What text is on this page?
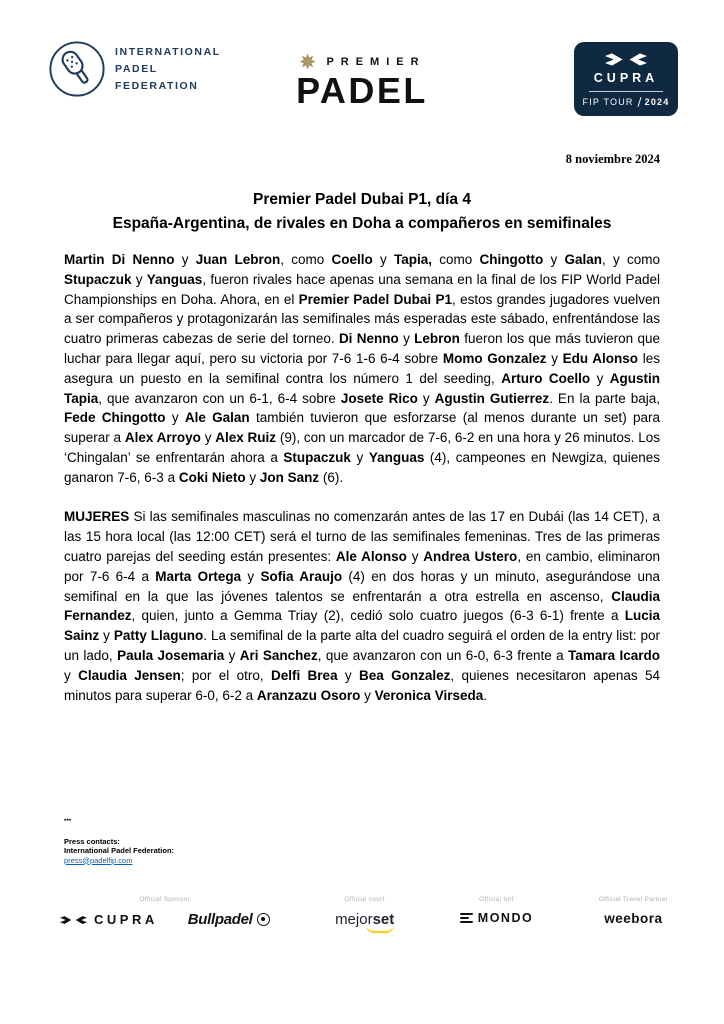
INTERNATIONAL
PADEL
FEDERATION
PREMIER
PADEL	CUPRA
FIP TOUR 2024
8 noviembre 2024
Premier Padel Dubai P1, día 4
España-Argentina, de rivales en Doha a compañeros en semifinales

Martin Di Nenno y Juan Lebron, como Coello y Tapia, como Chingotto y Galan, y como Stupaczuk y Yanguas, fueron rivales hace apenas una semana en la final de los FIP World Padel Championships en Doha. Ahora, en el Premier Padel Dubai P1, estos grandes jugadores vuelven a ser compañeros y protagonizarán las semifinales más esperadas este sábado, enfrentándose las cuatro primeras cabezas de serie del torneo. Di Nenno y Lebron fueron los que más tuvieron que luchar para llegar aquí, pero su victoria por 7-6 1-6 6-4 sobre Momo Gonzalez y Edu Alonso les asegura un puesto en la semifinal contra los número 1 del seeding, Arturo Coello y Agustin Tapia, que avanzaron con un 6-1, 6-4 sobre Josete Rico y Agustin Gutierrez. En la parte baja, Fede Chingotto y Ale Galan también tuvieron que esforzarse (al menos durante un set) para superar a Alex Arroyo y Alex Ruiz (9), con un marcador de 7-6, 6-2 en una hora y 26 minutos. Los ‘Chingalan’ se enfrentarán ahora a Stupaczuk y Yanguas (4), campeones en Newgiza, quienes ganaron 7-6, 6-3 a Coki Nieto y Jon Sanz (6).

MUJERES Si las semifinales masculinas no comenzarán antes de las 17 en Dubái (las 14 CET), a las 15 hora local (las 12:00 CET) será el turno de las semifinales femeninas. Tres de las primeras cuatro parejas del seeding están presentes: Ale Alonso y Andrea Ustero, en cambio, eliminaron por 7-6 6-4 a Marta Ortega y Sofia Araujo (4) en dos horas y un minuto, asegurándose una semifinal en la que las jóvenes talentos se enfrentarán a otra estrella en ascenso, Claudia Fernandez, quien, junto a Gemma Triay (2), cedió solo cuatro juegos (6-3 6-1) frente a Lucia Sainz y Patty Llaguno. La semifinal de la parte alta del cuadro seguirá el orden de la entry list: por un lado, Paula Josemaria y Ari Sanchez, que avanzaron con un 6-0, 6-3 frente a Tamara Icardo y Claudia Jensen; por el otro, Delfi Brea y Bea Gonzalez, quienes necesitaron apenas 54 minutos para superar 6-0, 6-2 a Aranzazu Osoro y Veronica Virseda.

***
Press contacts:
International Padel Federation:
press@padelfip.com
Official Sponsor
CUPRA Bullpadel
Official court
mejorset
Official turf
MONDO
Official Travel Partner
weebora
